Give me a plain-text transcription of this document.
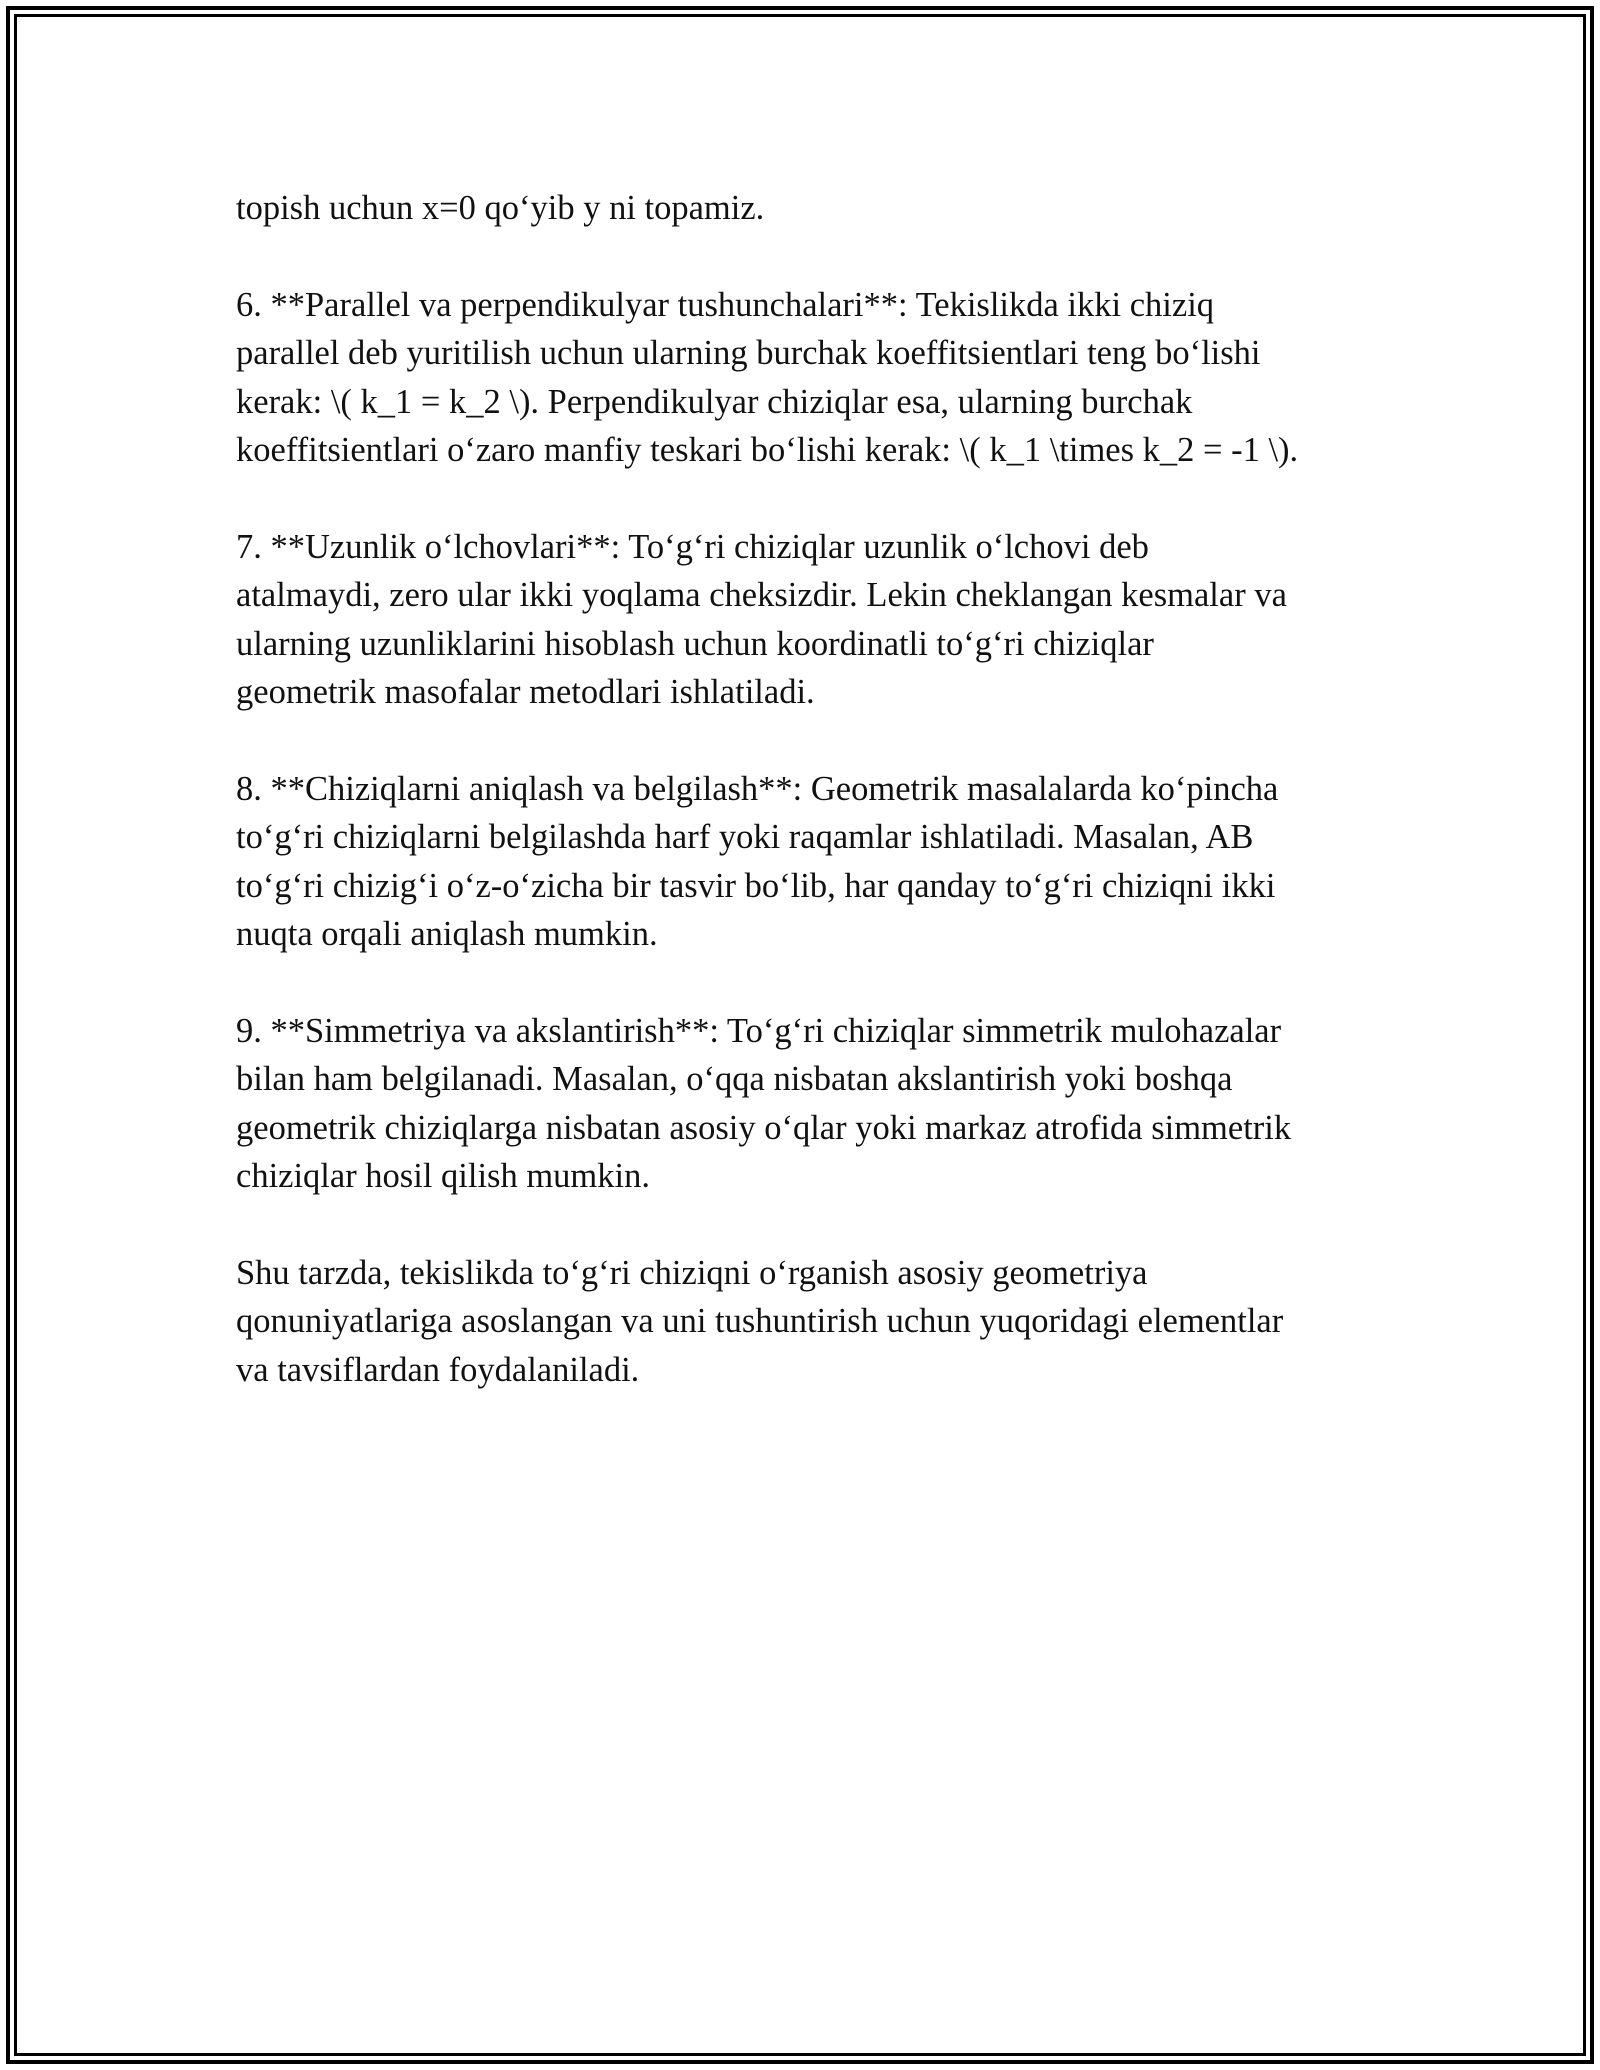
topish uchun x=0 qo‘yib y ni topamiz.

6. **Parallel va perpendikulyar tushunchalari**: Tekislikda ikki chiziq
parallel deb yuritilish uchun ularning burchak koeffitsientlari teng bo‘lishi
kerak: \( k_1 = k_2 \). Perpendikulyar chiziqlar esa, ularning burchak
koeffitsientlari o‘zaro manfiy teskari bo‘lishi kerak: \( k_1 \times k_2 = -1 \).

7. **Uzunlik o‘lchovlari**: To‘g‘ri chiziqlar uzunlik o‘lchovi deb
atalmaydi, zero ular ikki yoqlama cheksizdir. Lekin cheklangan kesmalar va
ularning uzunliklarini hisoblash uchun koordinatli to‘g‘ri chiziqlar
geometrik masofalar metodlari ishlatiladi.

8. **Chiziqlarni aniqlash va belgilash**: Geometrik masalalarda ko‘pincha
to‘g‘ri chiziqlarni belgilashda harf yoki raqamlar ishlatiladi. Masalan, AB
to‘g‘ri chizig‘i o‘z-o‘zicha bir tasvir bo‘lib, har qanday to‘g‘ri chiziqni ikki
nuqta orqali aniqlash mumkin.

9. **Simmetriya va akslantirish**: To‘g‘ri chiziqlar simmetrik mulohazalar
bilan ham belgilanadi. Masalan, o‘qqa nisbatan akslantirish yoki boshqa
geometrik chiziqlarga nisbatan asosiy o‘qlar yoki markaz atrofida simmetrik
chiziqlar hosil qilish mumkin.

Shu tarzda, tekislikda to‘g‘ri chiziqni o‘rganish asosiy geometriya
qonuniyatlariga asoslangan va uni tushuntirish uchun yuqoridagi elementlar
va tavsiflardan foydalaniladi.
